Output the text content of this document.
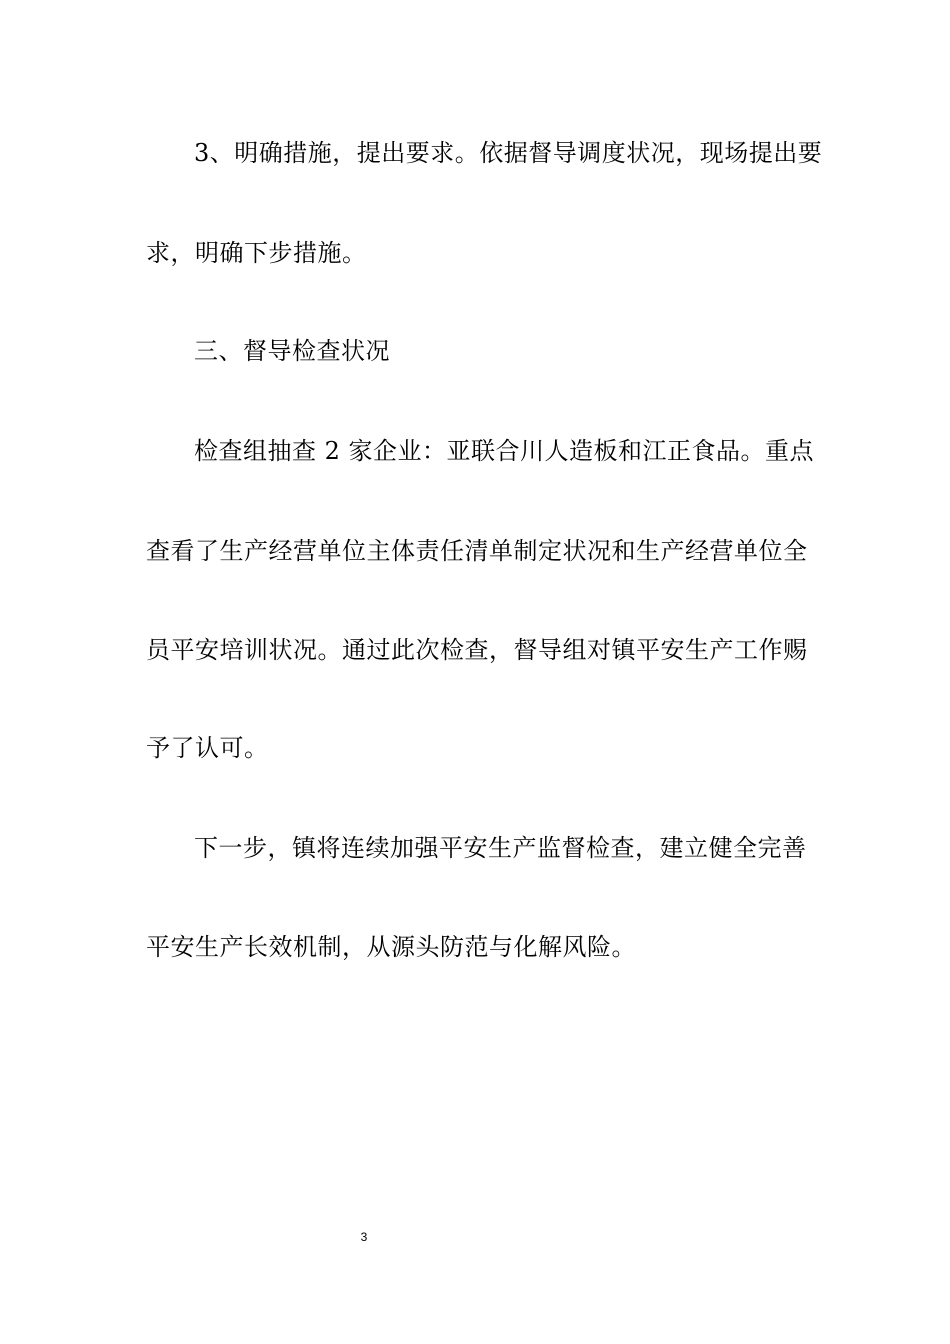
3、明确措施，提出要求。依据督导调度状况，现场提出要
求，明确下步措施。
三、督导检查状况
检查组抽查 2 家企业：亚联合川人造板和江正食品。重点
查看了生产经营单位主体责任清单制定状况和生产经营单位全
员平安培训状况。通过此次检查，督导组对镇平安生产工作赐
予了认可。
下一步，镇将连续加强平安生产监督检查，建立健全完善
平安生产长效机制，从源头防范与化解风险。
3
